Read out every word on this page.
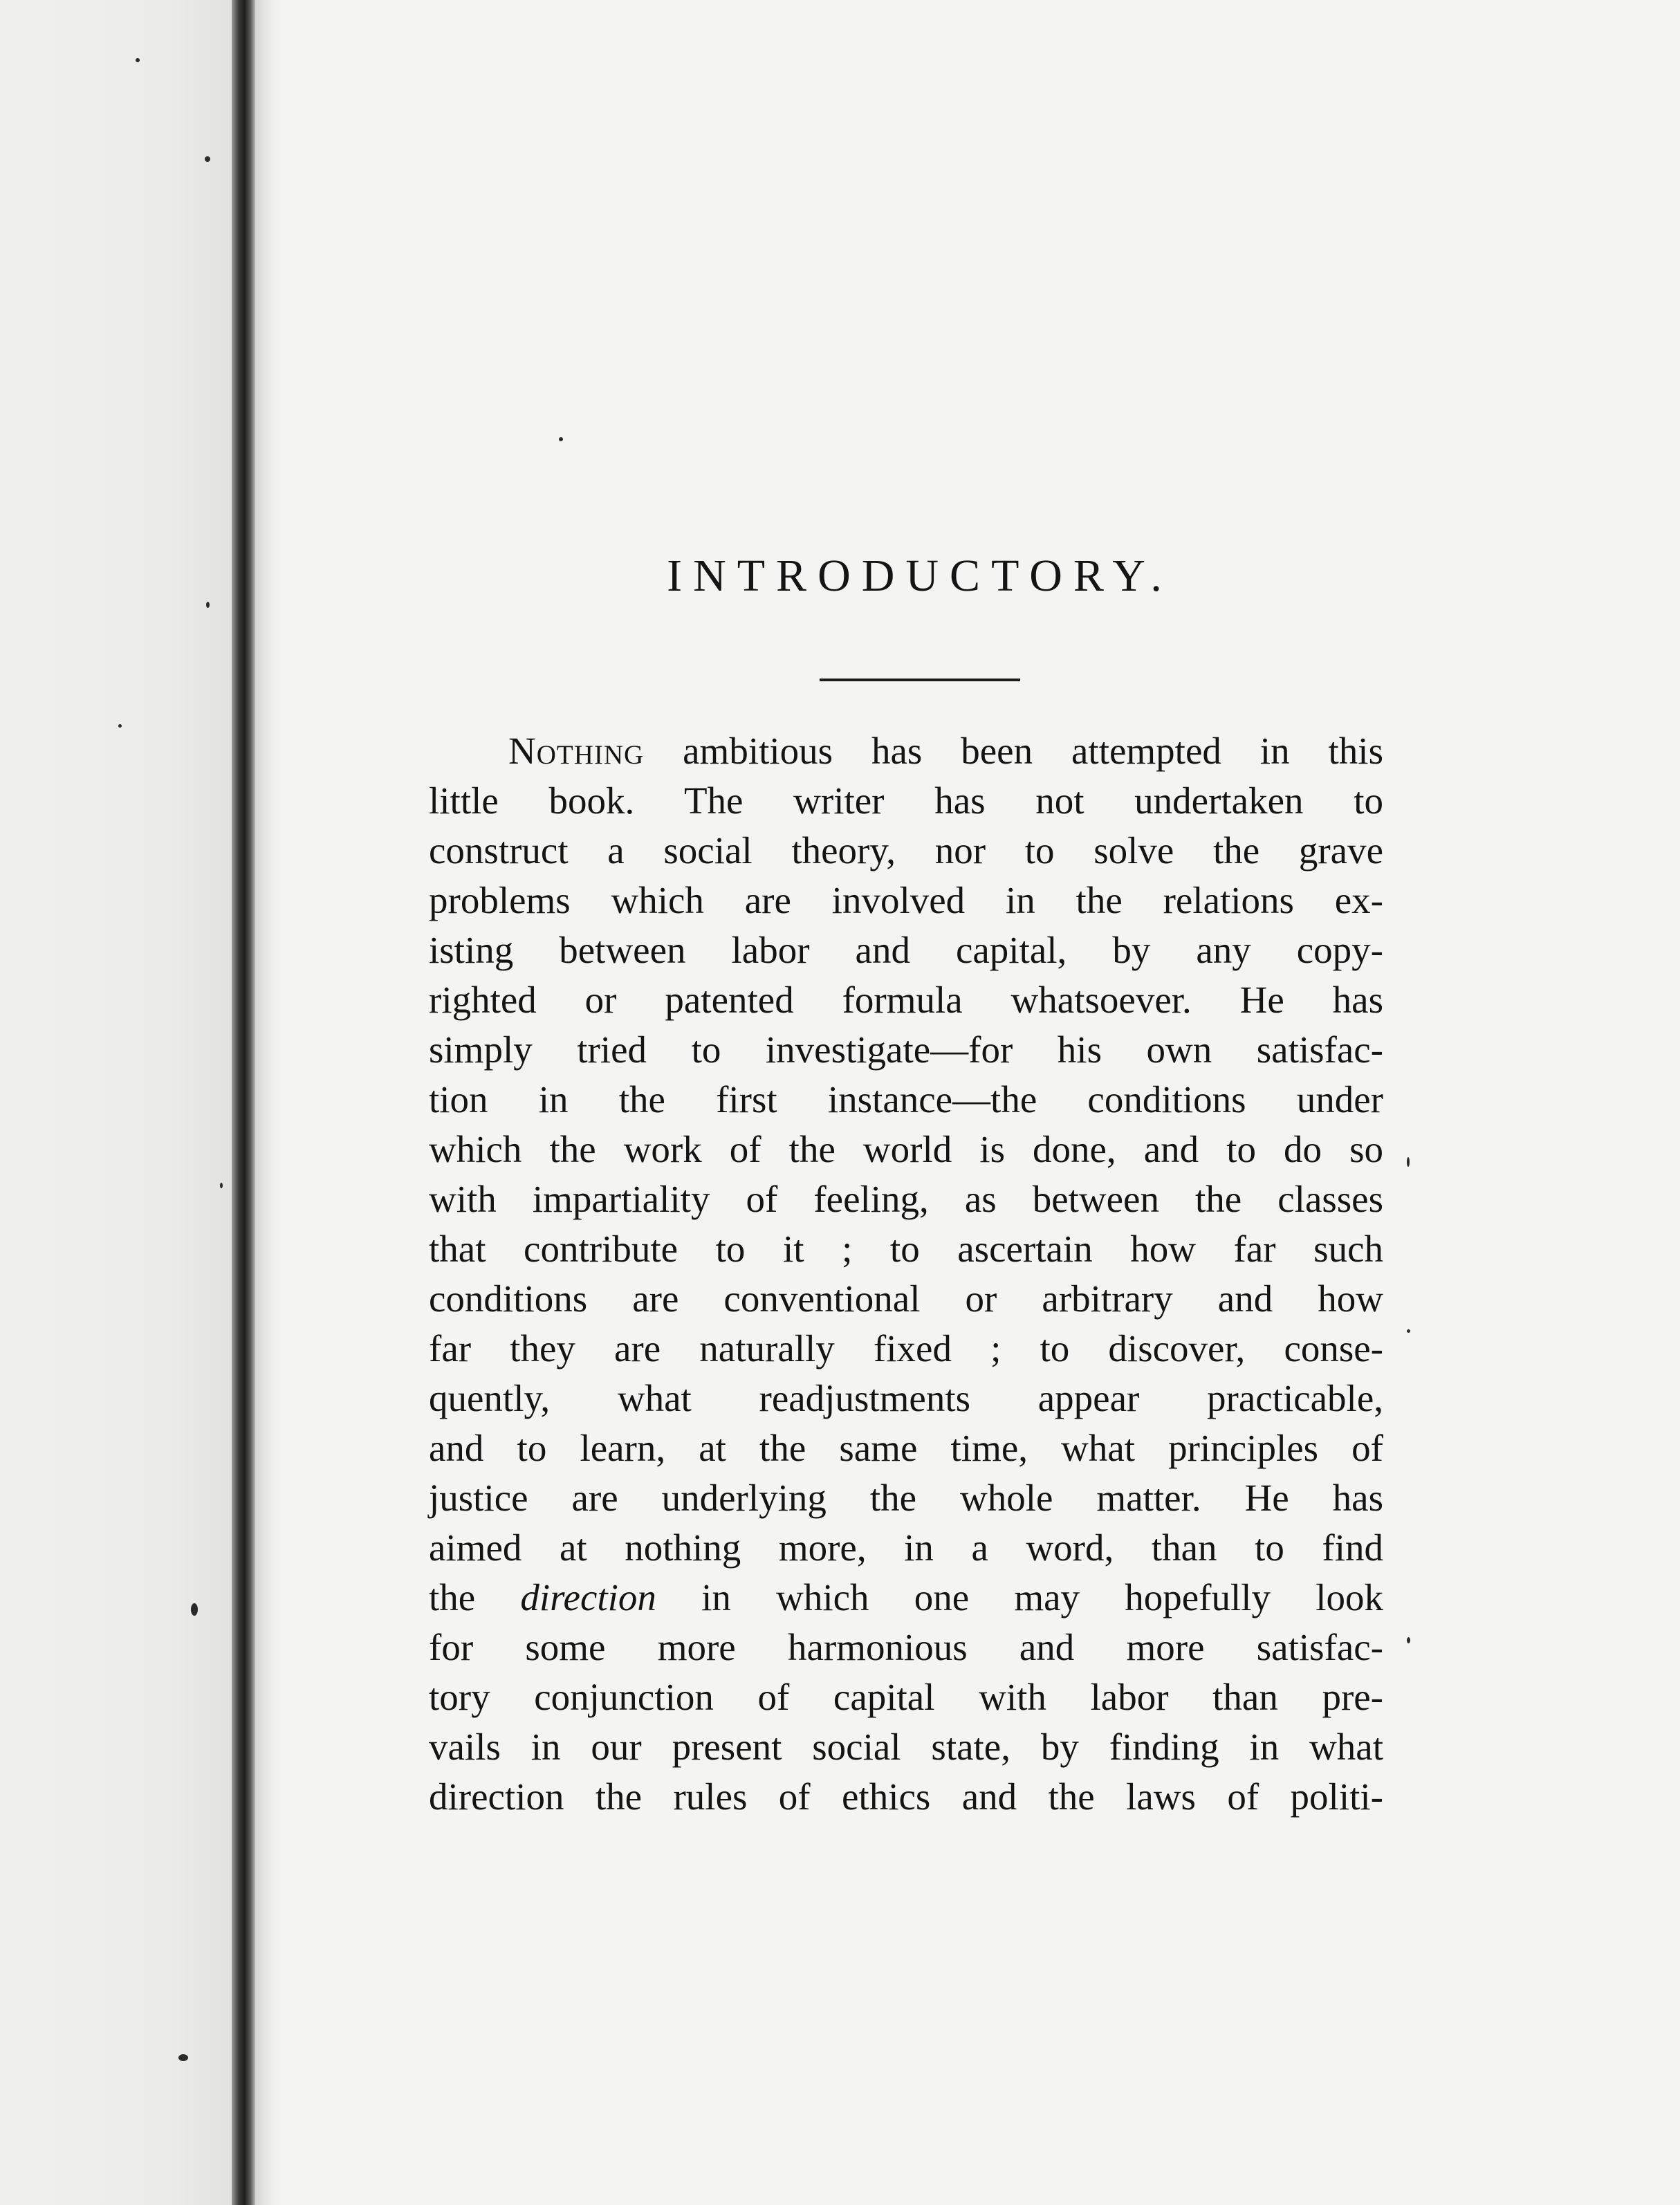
INTRODUCTORY.
Nothing ambitious has been attempted in this
little book. The writer has not undertaken to
construct a social theory, nor to solve the grave
problems which are involved in the relations ex-
isting between labor and capital, by any copy-
righted or patented formula whatsoever. He has
simply tried to investigate—for his own satisfac-
tion in the first instance—the conditions under
which the work of the world is done, and to do so
with impartiality of feeling, as between the classes
that contribute to it ; to ascertain how far such
conditions are conventional or arbitrary and how
far they are naturally fixed ; to discover, conse-
quently, what readjustments appear practicable,
and to learn, at the same time, what principles of
justice are underlying the whole matter. He has
aimed at nothing more, in a word, than to find
the direction in which one may hopefully look
for some more harmonious and more satisfac-
tory conjunction of capital with labor than pre-
vails in our present social state, by finding in what
direction the rules of ethics and the laws of politi-
